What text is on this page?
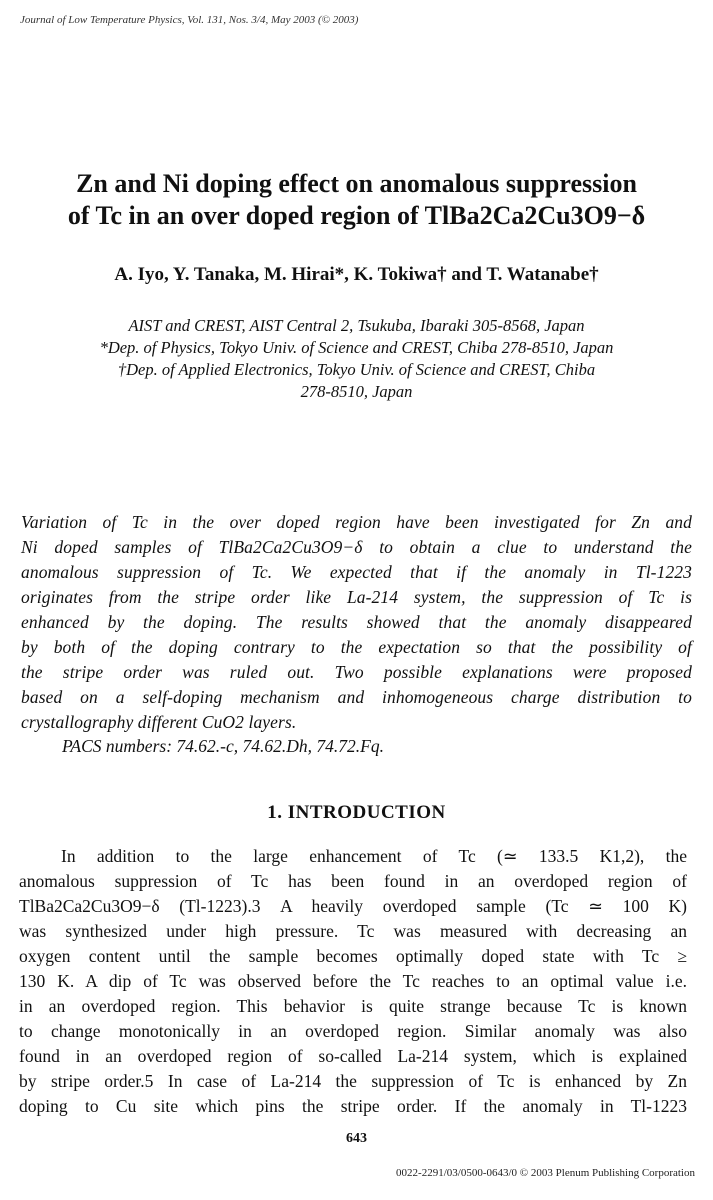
Journal of Low Temperature Physics, Vol. 131, Nos. 3/4, May 2003 (© 2003)
Zn and Ni doping effect on anomalous suppression
of Tc in an over doped region of TlBa2Ca2Cu3O9−δ
A. Iyo, Y. Tanaka, M. Hirai*, K. Tokiwa† and T. Watanabe†
AIST and CREST, AIST Central 2, Tsukuba, Ibaraki 305-8568, Japan
*Dep. of Physics, Tokyo Univ. of Science and CREST, Chiba 278-8510, Japan
†Dep. of Applied Electronics, Tokyo Univ. of Science and CREST, Chiba
278-8510, Japan
Variation of Tc in the over doped region have been investigated for Zn and
Ni doped samples of TlBa2Ca2Cu3O9−δ to obtain a clue to understand the
anomalous suppression of Tc. We expected that if the anomaly in Tl-1223
originates from the stripe order like La-214 system, the suppression of Tc is
enhanced by the doping. The results showed that the anomaly disappeared
by both of the doping contrary to the expectation so that the possibility of
the stripe order was ruled out. Two possible explanations were proposed
based on a self-doping mechanism and inhomogeneous charge distribution to
crystallography different CuO2 layers.
PACS numbers: 74.62.-c, 74.62.Dh, 74.72.Fq.
1. INTRODUCTION
In addition to the large enhancement of Tc (≃ 133.5 K1,2), the
anomalous suppression of Tc has been found in an overdoped region of
TlBa2Ca2Cu3O9−δ (Tl-1223).3 A heavily overdoped sample (Tc ≃ 100 K)
was synthesized under high pressure. Tc was measured with decreasing an
oxygen content until the sample becomes optimally doped state with Tc ≥
130 K. A dip of Tc was observed before the Tc reaches to an optimal value i.e.
in an overdoped region. This behavior is quite strange because Tc is known
to change monotonically in an overdoped region. Similar anomaly was also
found in an overdoped region of so-called La-214 system, which is explained
by stripe order.5 In case of La-214 the suppression of Tc is enhanced by Zn
doping to Cu site which pins the stripe order. If the anomaly in Tl-1223
643
0022-2291/03/0500-0643/0 © 2003 Plenum Publishing Corporation
